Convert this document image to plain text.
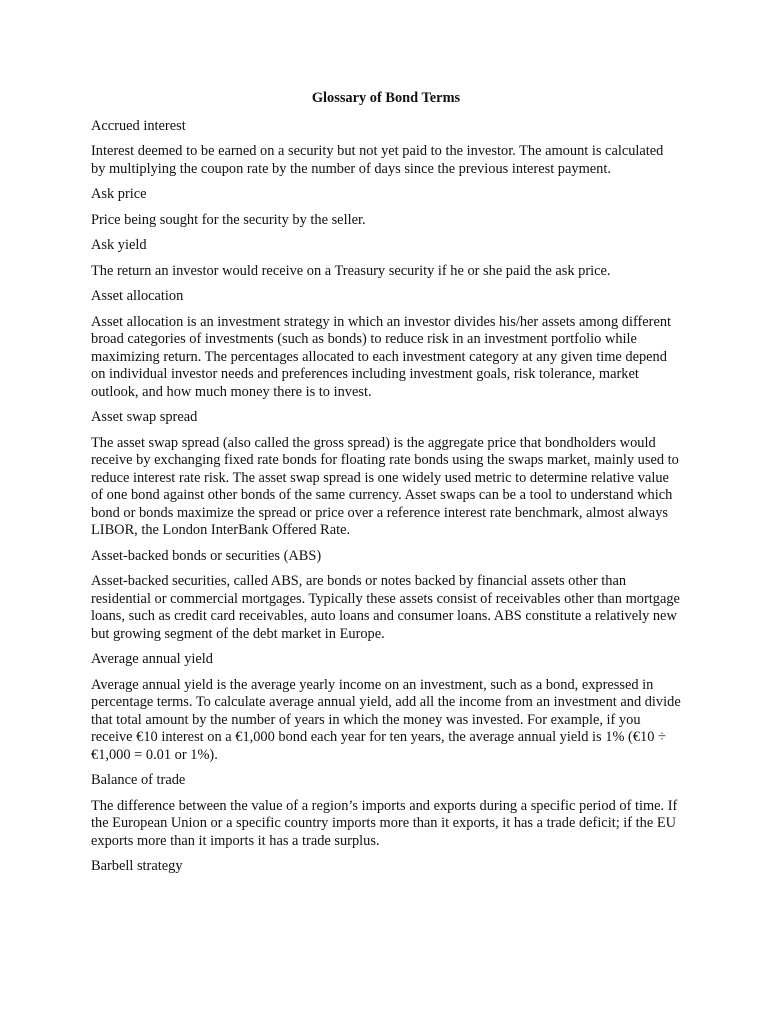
Glossary of Bond Terms
Accrued interest
Interest deemed to be earned on a security but not yet paid to the investor. The amount is calculated by multiplying the coupon rate by the number of days since the previous interest payment.
Ask price
Price being sought for the security by the seller.
Ask yield
The return an investor would receive on a Treasury security if he or she paid the ask price.
Asset allocation
Asset allocation is an investment strategy in which an investor divides his/her assets among different broad categories of investments (such as bonds) to reduce risk in an investment portfolio while maximizing return. The percentages allocated to each investment category at any given time depend on individual investor needs and preferences including investment goals, risk tolerance, market outlook, and how much money there is to invest.
Asset swap spread
The asset swap spread (also called the gross spread) is the aggregate price that bondholders would receive by exchanging fixed rate bonds for floating rate bonds using the swaps market, mainly used to reduce interest rate risk. The asset swap spread is one widely used metric to determine relative value of one bond against other bonds of the same currency. Asset swaps can be a tool to understand which bond or bonds maximize the spread or price over a reference interest rate benchmark, almost always LIBOR, the London InterBank Offered Rate.
Asset-backed bonds or securities (ABS)
Asset-backed securities, called ABS, are bonds or notes backed by financial assets other than residential or commercial mortgages. Typically these assets consist of receivables other than mortgage loans, such as credit card receivables, auto loans and consumer loans. ABS constitute a relatively new but growing segment of the debt market in Europe.
Average annual yield
Average annual yield is the average yearly income on an investment, such as a bond, expressed in percentage terms. To calculate average annual yield, add all the income from an investment and divide that total amount by the number of years in which the money was invested. For example, if you receive €10 interest on a €1,000 bond each year for ten years, the average annual yield is 1% (€10 ÷ €1,000 = 0.01 or 1%).
Balance of trade
The difference between the value of a region’s imports and exports during a specific period of time. If the European Union or a specific country imports more than it exports, it has a trade deficit; if the EU exports more than it imports it has a trade surplus.
Barbell strategy
